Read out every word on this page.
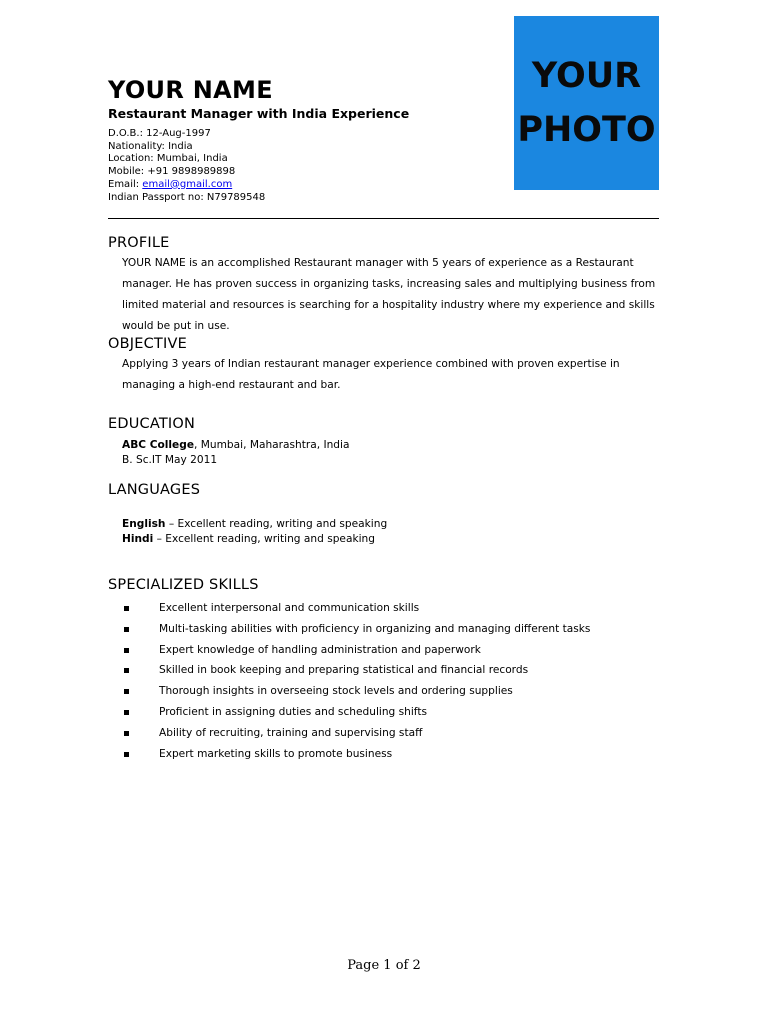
YOUR NAME
Restaurant Manager with India Experience
D.O.B.: 12-Aug-1997
Nationality: India
Location: Mumbai, India
Mobile: +91 9898989898
Email: email@gmail.com
Indian Passport no: N79789548
YOUR
PHOTO
PROFILE

YOUR NAME is an accomplished Restaurant manager with 5 years of experience as a Restaurant manager. He has proven success in organizing tasks, increasing sales and multiplying business from limited material and resources is searching for a hospitality industry where my experience and skills would be put in use.

OBJECTIVE

Applying 3 years of Indian restaurant manager experience combined with proven expertise in managing a high-end restaurant and bar.

EDUCATION
ABC College, Mumbai, Maharashtra, India
B. Sc.IT May 2011
LANGUAGES
English – Excellent reading, writing and speaking
Hindi – Excellent reading, writing and speaking
SPECIALIZED SKILLS
Excellent interpersonal and communication skills
Multi-tasking abilities with proficiency in organizing and managing different tasks
Expert knowledge of handling administration and paperwork
Skilled in book keeping and preparing statistical and financial records
Thorough insights in overseeing stock levels and ordering supplies
Proficient in assigning duties and scheduling shifts
Ability of recruiting, training and supervising staff
Expert marketing skills to promote business
Page 1 of 2
